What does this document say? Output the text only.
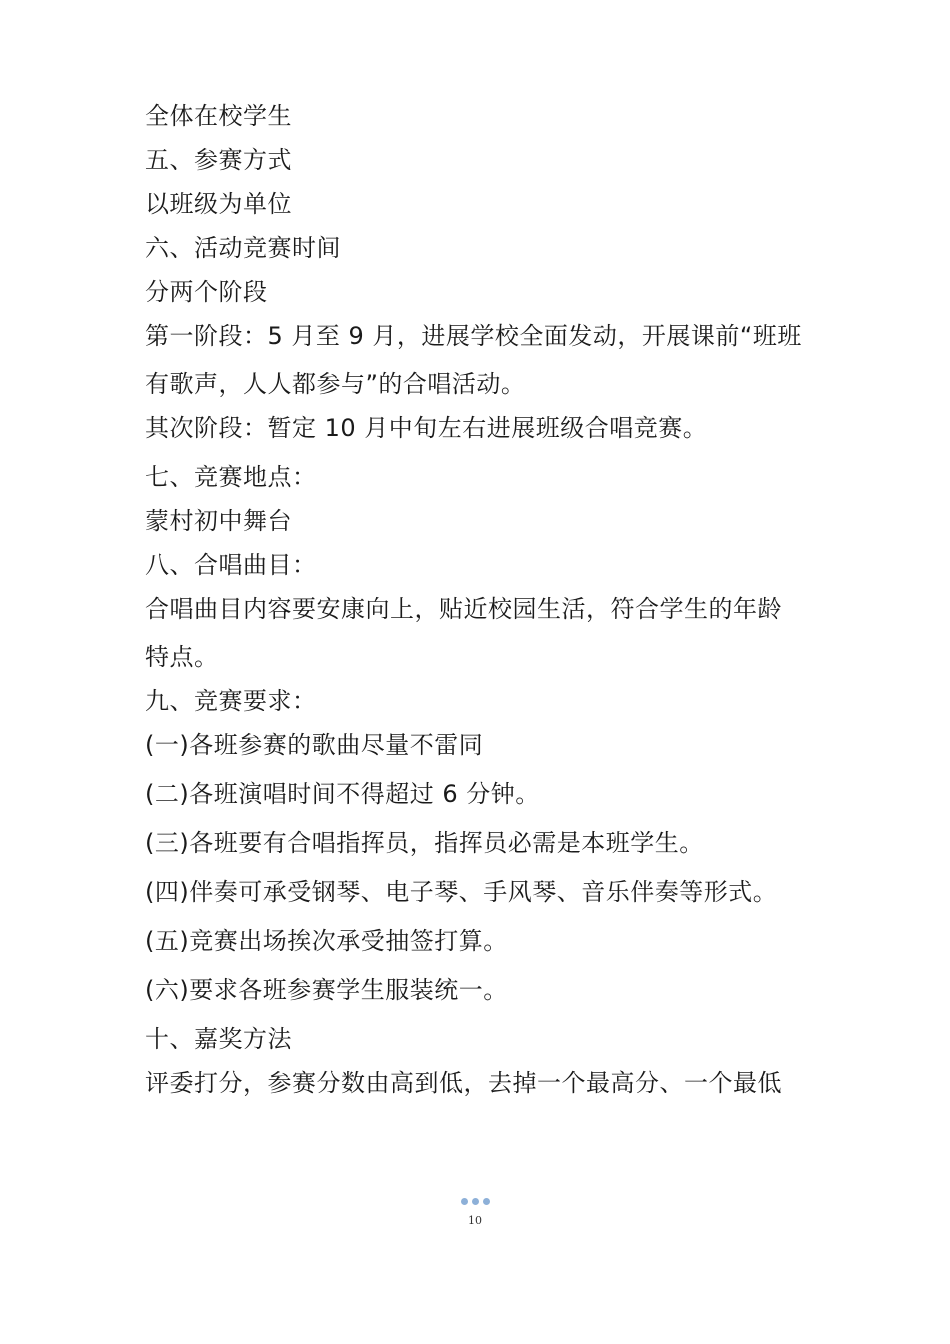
全体在校学生
五、参赛方式
以班级为单位
六、活动竞赛时间
分两个阶段
第一阶段：5 月至 9 月，进展学校全面发动，开展课前“班班有歌声，人人都参与”的合唱活动。
其次阶段：暂定 10 月中旬左右进展班级合唱竞赛。
七、竞赛地点：
蒙村初中舞台
八、合唱曲目：
合唱曲目内容要安康向上，贴近校园生活，符合学生的年龄特点。
九、竞赛要求：
(一)各班参赛的歌曲尽量不雷同
(二)各班演唱时间不得超过 6 分钟。
(三)各班要有合唱指挥员，指挥员必需是本班学生。
(四)伴奏可承受钢琴、电子琴、手风琴、音乐伴奏等形式。
(五)竞赛出场挨次承受抽签打算。
(六)要求各班参赛学生服装统一。
十、嘉奖方法
评委打分，参赛分数由高到低，去掉一个最高分、一个最低
10
